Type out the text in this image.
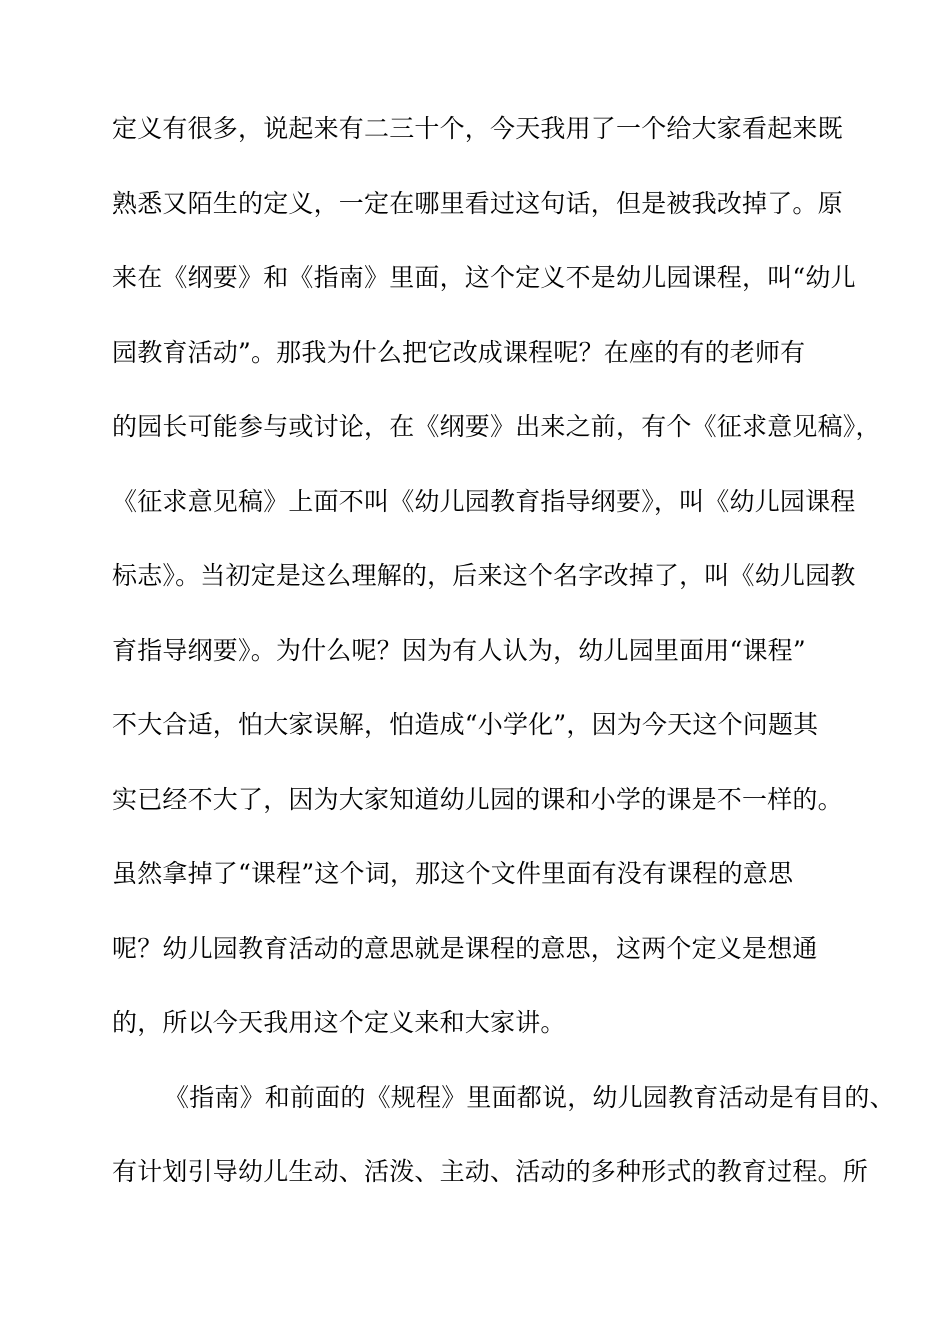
定义有很多，说起来有二三十个，今天我用了一个给大家看起来既
熟悉又陌生的定义，一定在哪里看过这句话，但是被我改掉了。原
来在《纲要》和《指南》里面，这个定义不是幼儿园课程，叫“幼儿
园教育活动”。那我为什么把它改成课程呢？在座的有的老师有
的园长可能参与或讨论，在《纲要》出来之前，有个《征求意见稿》，
《征求意见稿》上面不叫《幼儿园教育指导纲要》，叫《幼儿园课程
标志》。当初定是这么理解的，后来这个名字改掉了，叫《幼儿园教
育指导纲要》。为什么呢？因为有人认为，幼儿园里面用“课程”
不大合适，怕大家误解，怕造成“小学化”，因为今天这个问题其
实已经不大了，因为大家知道幼儿园的课和小学的课是不一样的。
虽然拿掉了“课程”这个词，那这个文件里面有没有课程的意思
呢？幼儿园教育活动的意思就是课程的意思，这两个定义是想通
的，所以今天我用这个定义来和大家讲。
《指南》和前面的《规程》里面都说，幼儿园教育活动是有目的、
有计划引导幼儿生动、活泼、主动、活动的多种形式的教育过程。所
